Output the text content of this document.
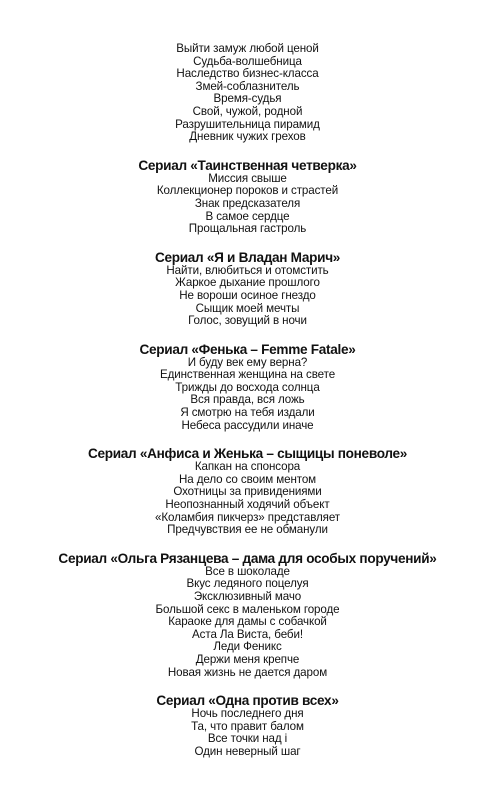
Выйти замуж любой ценой

Судьба-волшебница

Наследство бизнес-класса

Змей-соблазнитель

Время-судья

Свой, чужой, родной

Разрушительница пирамид

Дневник чужих грехов

Сериал «Таинственная четверка»

Миссия свыше

Коллекционер пороков и страстей

Знак предсказателя

В самое сердце

Прощальная гастроль

Сериал «Я и Владан Марич»

Найти, влюбиться и отомстить

Жаркое дыхание прошлого

Не вороши осиное гнездо

Сыщик моей мечты

Голос, зовущий в ночи

Сериал «Фенька – Femme Fatale»

И буду век ему верна?

Единственная женщина на свете

Трижды до восхода солнца

Вся правда, вся ложь

Я смотрю на тебя издали

Небеса рассудили иначе

Сериал «Анфиса и Женька – сыщицы поневоле»

Капкан на спонсора

На дело со своим ментом

Охотницы за привидениями

Неопознанный ходячий объект

«Коламбия пикчерз» представляет

Предчувствия ее не обманули

Сериал «Ольга Рязанцева – дама для особых поручений»

Все в шоколаде

Вкус ледяного поцелуя

Эксклюзивный мачо

Большой секс в маленьком городе

Караоке для дамы с собачкой

Аста Ла Виста, беби!

Леди Феникс

Держи меня крепче

Новая жизнь не дается даром

Сериал «Одна против всех»

Ночь последнего дня

Та, что правит балом

Все точки над i

Один неверный шаг
